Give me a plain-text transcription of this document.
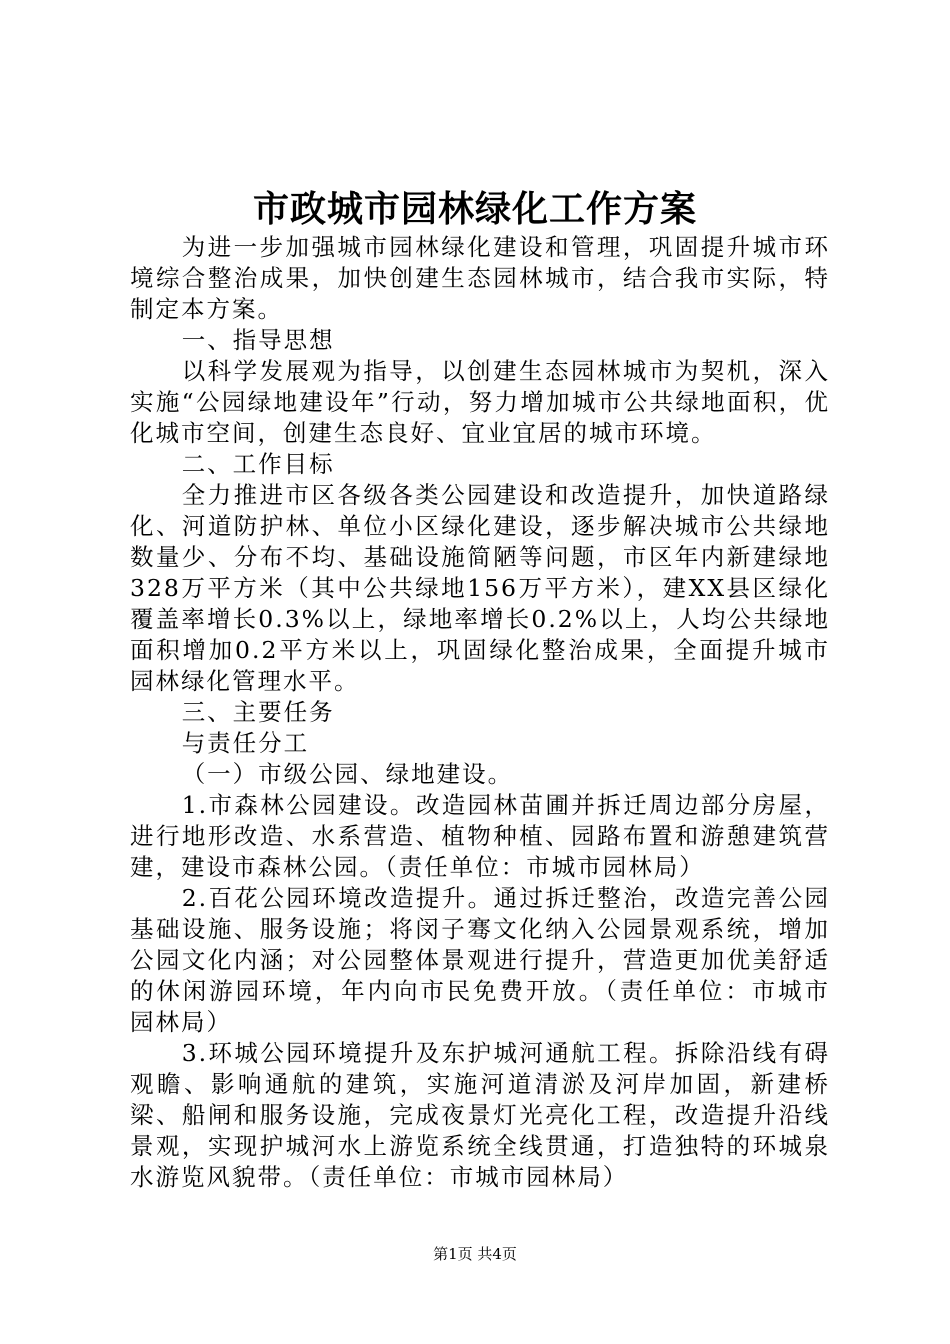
市政城市园林绿化工作方案

为进一步加强城市园林绿化建设和管理，巩固提升城市环境综合整治成果，加快创建生态园林城市，结合我市实际，特制定本方案。

一、指导思想

以科学发展观为指导，以创建生态园林城市为契机，深入实施“公园绿地建设年”行动，努力增加城市公共绿地面积，优化城市空间，创建生态良好、宜业宜居的城市环境。

二、工作目标

全力推进市区各级各类公园建设和改造提升，加快道路绿化、河道防护林、单位小区绿化建设，逐步解决城市公共绿地数量少、分布不均、基础设施简陋等问题，市区年内新建绿地328万平方米（其中公共绿地156万平方米），建XX县区绿化覆盖率增长0.3%以上，绿地率增长0.2%以上，人均公共绿地面积增加0.2平方米以上，巩固绿化整治成果，全面提升城市园林绿化管理水平。

三、主要任务

与责任分工

（一）市级公园、绿地建设。

1.市森林公园建设。改造园林苗圃并拆迁周边部分房屋，进行地形改造、水系营造、植物种植、园路布置和游憩建筑营建，建设市森林公园。（责任单位：市城市园林局）

2.百花公园环境改造提升。通过拆迁整治，改造完善公园基础设施、服务设施；将闵子骞文化纳入公园景观系统，增加公园文化内涵；对公园整体景观进行提升，营造更加优美舒适的休闲游园环境，年内向市民免费开放。（责任单位：市城市园林局）

3.环城公园环境提升及东护城河通航工程。拆除沿线有碍观瞻、影响通航的建筑，实施河道清淤及河岸加固，新建桥梁、船闸和服务设施，完成夜景灯光亮化工程，改造提升沿线景观，实现护城河水上游览系统全线贯通，打造独特的环城泉水游览风貌带。（责任单位：市城市园林局）

第1页 共4页
